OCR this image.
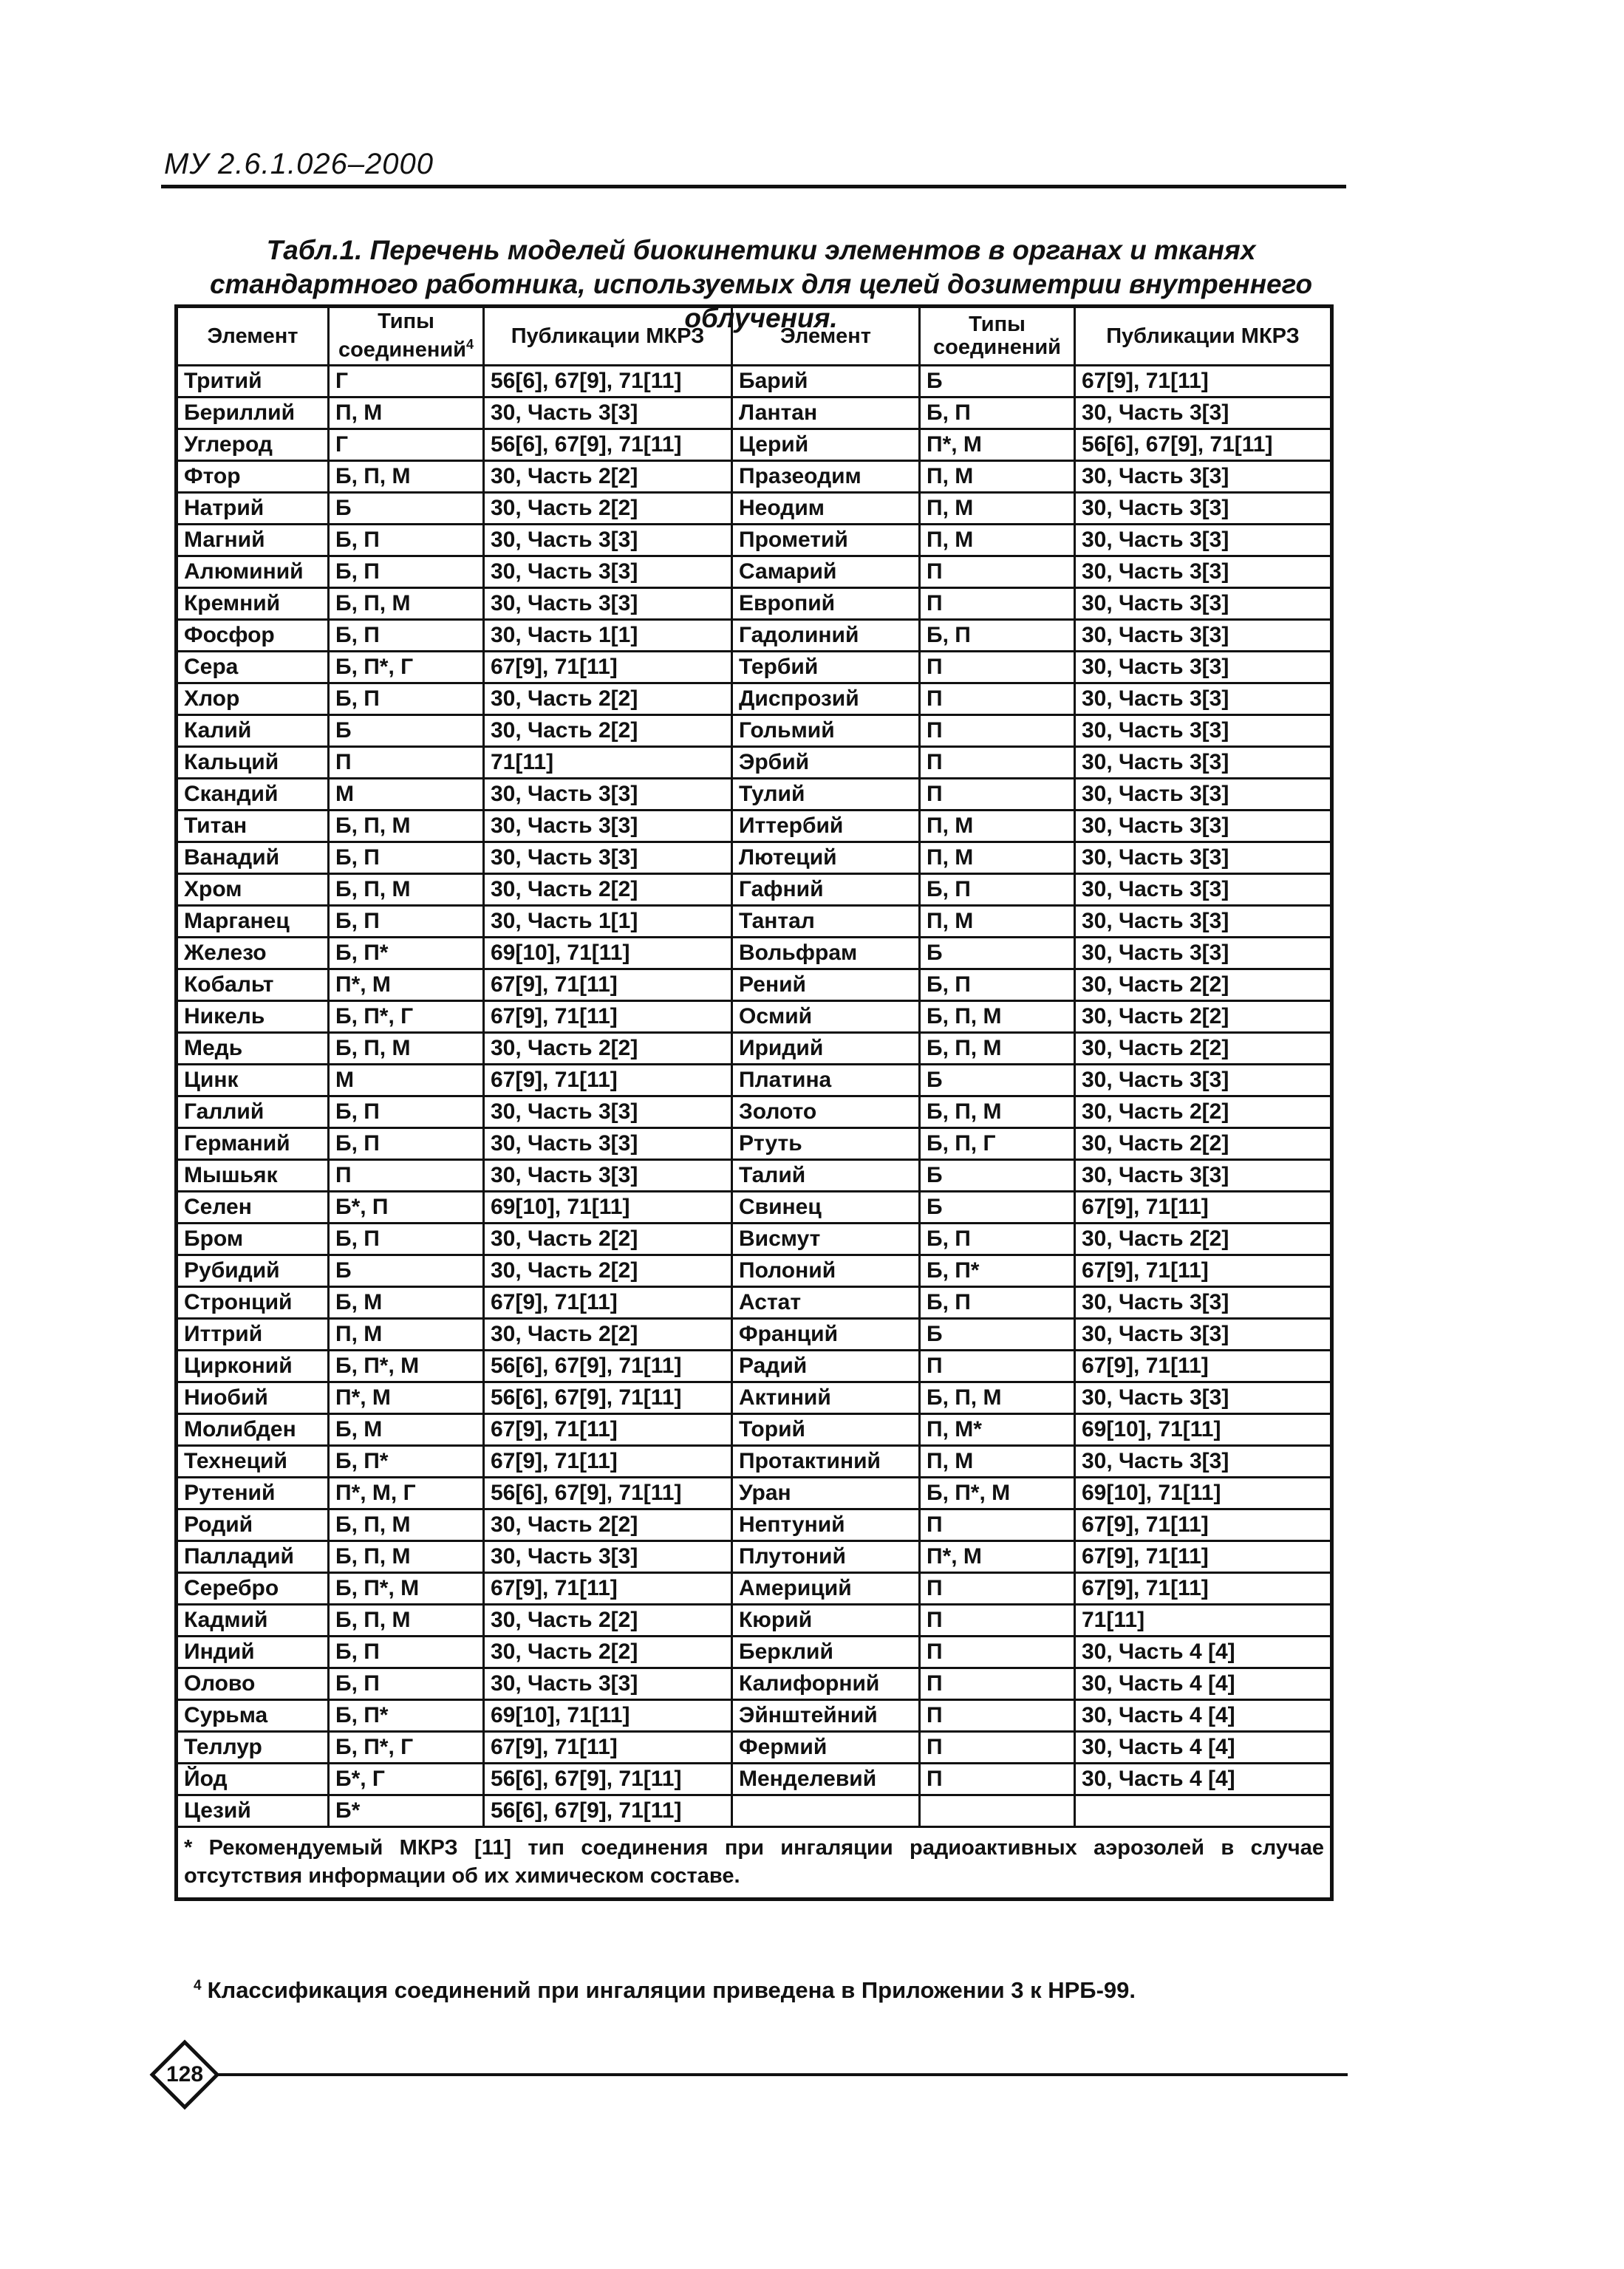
МУ 2.6.1.026–2000
Табл.1. Перечень моделей биокинетики элементов в органах и тканях стандартного работника, используемых для целей дозиметрии внутреннего облучения.
Элемент	Типы соединений$^4$	Публикации МКРЗ	Элемент	Типы соединений	Публикации МКРЗ
Тритий	Г	56[6], 67[9], 71[11]	Барий	Б	67[9], 71[11]
Бериллий	П, М	30, Часть 3[3]	Лантан	Б, П	30, Часть 3[3]
Углерод	Г	56[6], 67[9], 71[11]	Церий	П*, М	56[6], 67[9], 71[11]
Фтор	Б, П, М	30, Часть 2[2]	Празеодим	П, М	30, Часть 3[3]
Натрий	Б	30, Часть 2[2]	Неодим	П, М	30, Часть 3[3]
Магний	Б, П	30, Часть 3[3]	Прометий	П, М	30, Часть 3[3]
Алюминий	Б, П	30, Часть 3[3]	Самарий	П	30, Часть 3[3]
Кремний	Б, П, М	30, Часть 3[3]	Европий	П	30, Часть 3[3]
Фосфор	Б, П	30, Часть 1[1]	Гадолиний	Б, П	30, Часть 3[3]
Сера	Б, П*, Г	67[9], 71[11]	Тербий	П	30, Часть 3[3]
Хлор	Б, П	30, Часть 2[2]	Диспрозий	П	30, Часть 3[3]
Калий	Б	30, Часть 2[2]	Гольмий	П	30, Часть 3[3]
Кальций	П	71[11]	Эрбий	П	30, Часть 3[3]
Скандий	М	30, Часть 3[3]	Тулий	П	30, Часть 3[3]
Титан	Б, П, М	30, Часть 3[3]	Иттербий	П, М	30, Часть 3[3]
Ванадий	Б, П	30, Часть 3[3]	Лютеций	П, М	30, Часть 3[3]
Хром	Б, П, М	30, Часть 2[2]	Гафний	Б, П	30, Часть 3[3]
Марганец	Б, П	30, Часть 1[1]	Тантал	П, М	30, Часть 3[3]
Железо	Б, П*	69[10], 71[11]	Вольфрам	Б	30, Часть 3[3]
Кобальт	П*, М	67[9], 71[11]	Рений	Б, П	30, Часть 2[2]
Никель	Б, П*, Г	67[9], 71[11]	Осмий	Б, П, М	30, Часть 2[2]
Медь	Б, П, М	30, Часть 2[2]	Иридий	Б, П, М	30, Часть 2[2]
Цинк	М	67[9], 71[11]	Платина	Б	30, Часть 3[3]
Галлий	Б, П	30, Часть 3[3]	Золото	Б, П, М	30, Часть 2[2]
Германий	Б, П	30, Часть 3[3]	Ртуть	Б, П, Г	30, Часть 2[2]
Мышьяк	П	30, Часть 3[3]	Талий	Б	30, Часть 3[3]
Селен	Б*, П	69[10], 71[11]	Свинец	Б	67[9], 71[11]
Бром	Б, П	30, Часть 2[2]	Висмут	Б, П	30, Часть 2[2]
Рубидий	Б	30, Часть 2[2]	Полоний	Б, П*	67[9], 71[11]
Стронций	Б, М	67[9], 71[11]	Астат	Б, П	30, Часть 3[3]
Иттрий	П, М	30, Часть 2[2]	Франций	Б	30, Часть 3[3]
Цирконий	Б, П*, М	56[6], 67[9], 71[11]	Радий	П	67[9], 71[11]
Ниобий	П*, М	56[6], 67[9], 71[11]	Актиний	Б, П, М	30, Часть 3[3]
Молибден	Б, М	67[9], 71[11]	Торий	П, М*	69[10], 71[11]
Технеций	Б, П*	67[9], 71[11]	Протактиний	П, М	30, Часть 3[3]
Рутений	П*, М, Г	56[6], 67[9], 71[11]	Уран	Б, П*, М	69[10], 71[11]
Родий	Б, П, М	30, Часть 2[2]	Нептуний	П	67[9], 71[11]
Палладий	Б, П, М	30, Часть 3[3]	Плутоний	П*, М	67[9], 71[11]
Серебро	Б, П*, М	67[9], 71[11]	Америций	П	67[9], 71[11]
Кадмий	Б, П, М	30, Часть 2[2]	Кюрий	П	71[11]
Индий	Б, П	30, Часть 2[2]	Берклий	П	30, Часть 4 [4]
Олово	Б, П	30, Часть 3[3]	Калифорний	П	30, Часть 4 [4]
Сурьма	Б, П*	69[10], 71[11]	Эйнштейний	П	30, Часть 4 [4]
Теллур	Б, П*, Г	67[9], 71[11]	Фермий	П	30, Часть 4 [4]
Йод	Б*, Г	56[6], 67[9], 71[11]	Менделевий	П	30, Часть 4 [4]
Цезий	Б*	56[6], 67[9], 71[11]			
* Рекомендуемый МКРЗ [11] тип соединения при ингаляции радиоактивных аэрозолей в случае отсутствия информации об их химическом составе.					
$^4$ Классификация соединений при ингаляции приведена в Приложении 3 к НРБ-99.
128
